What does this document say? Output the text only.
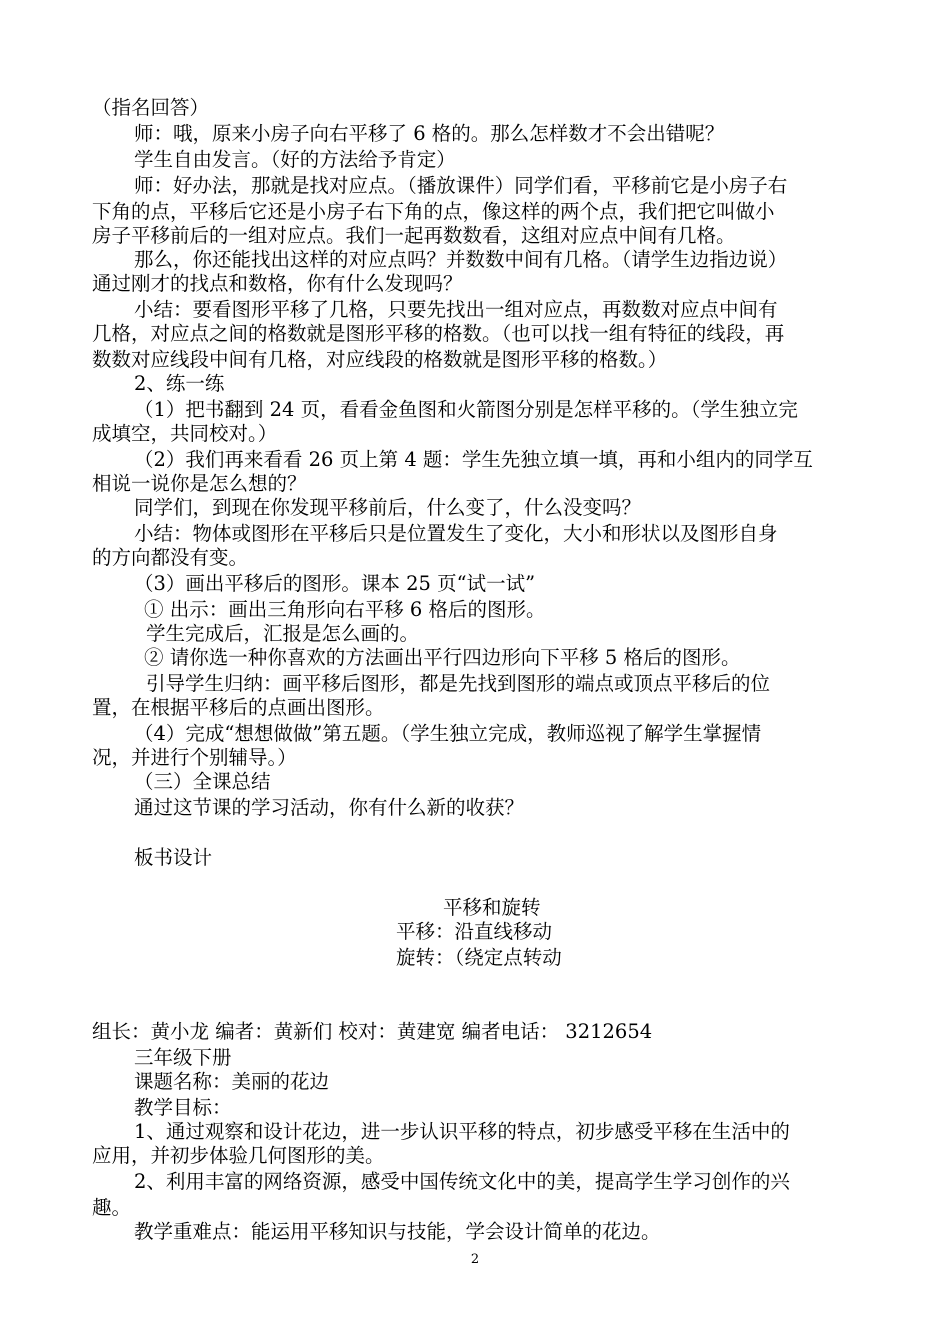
（指名回答）
师：哦，原来小房子向右平移了 6 格的。那么怎样数才不会出错呢？
学生自由发言。（好的方法给予肯定）
师：好办法，那就是找对应点。（播放课件）同学们看，平移前它是小房子右
下角的点，平移后它还是小房子右下角的点，像这样的两个点，我们把它叫做小
房子平移前后的一组对应点。我们一起再数数看，这组对应点中间有几格。
那么，你还能找出这样的对应点吗？并数数中间有几格。（请学生边指边说）
通过刚才的找点和数格，你有什么发现吗？
小结：要看图形平移了几格，只要先找出一组对应点，再数数对应点中间有
几格，对应点之间的格数就是图形平移的格数。（也可以找一组有特征的线段，再
数数对应线段中间有几格，对应线段的格数就是图形平移的格数。）
2、练一练
（1）把书翻到 24 页，看看金鱼图和火箭图分别是怎样平移的。（学生独立完
成填空，共同校对。）
（2）我们再来看看 26 页上第 4 题：学生先独立填一填，再和小组内的同学互
相说一说你是怎么想的？
同学们，到现在你发现平移前后，什么变了，什么没变吗？
小结：物体或图形在平移后只是位置发生了变化，大小和形状以及图形自身
的方向都没有变。
（3）画出平移后的图形。课本 25 页“试一试”
① 出示：画出三角形向右平移 6 格后的图形。
学生完成后，汇报是怎么画的。
② 请你选一种你喜欢的方法画出平行四边形向下平移 5 格后的图形。
引导学生归纳：画平移后图形，都是先找到图形的端点或顶点平移后的位
置，在根据平移后的点画出图形。
（4）完成“想想做做”第五题。（学生独立完成，教师巡视了解学生掌握情
况，并进行个别辅导。）
（三）全课总结
通过这节课的学习活动，你有什么新的收获？
板书设计
平移和旋转
平移：沿直线移动
旋转：（绕定点转动
组长：黄小龙 编者：黄新们 校对：黄建宽 编者电话： 3212654
三年级下册
课题名称：美丽的花边
教学目标：
1、通过观察和设计花边，进一步认识平移的特点，初步感受平移在生活中的
应用，并初步体验几何图形的美。
2、利用丰富的网络资源，感受中国传统文化中的美，提高学生学习创作的兴
趣。
教学重难点：能运用平移知识与技能，学会设计简单的花边。
2
